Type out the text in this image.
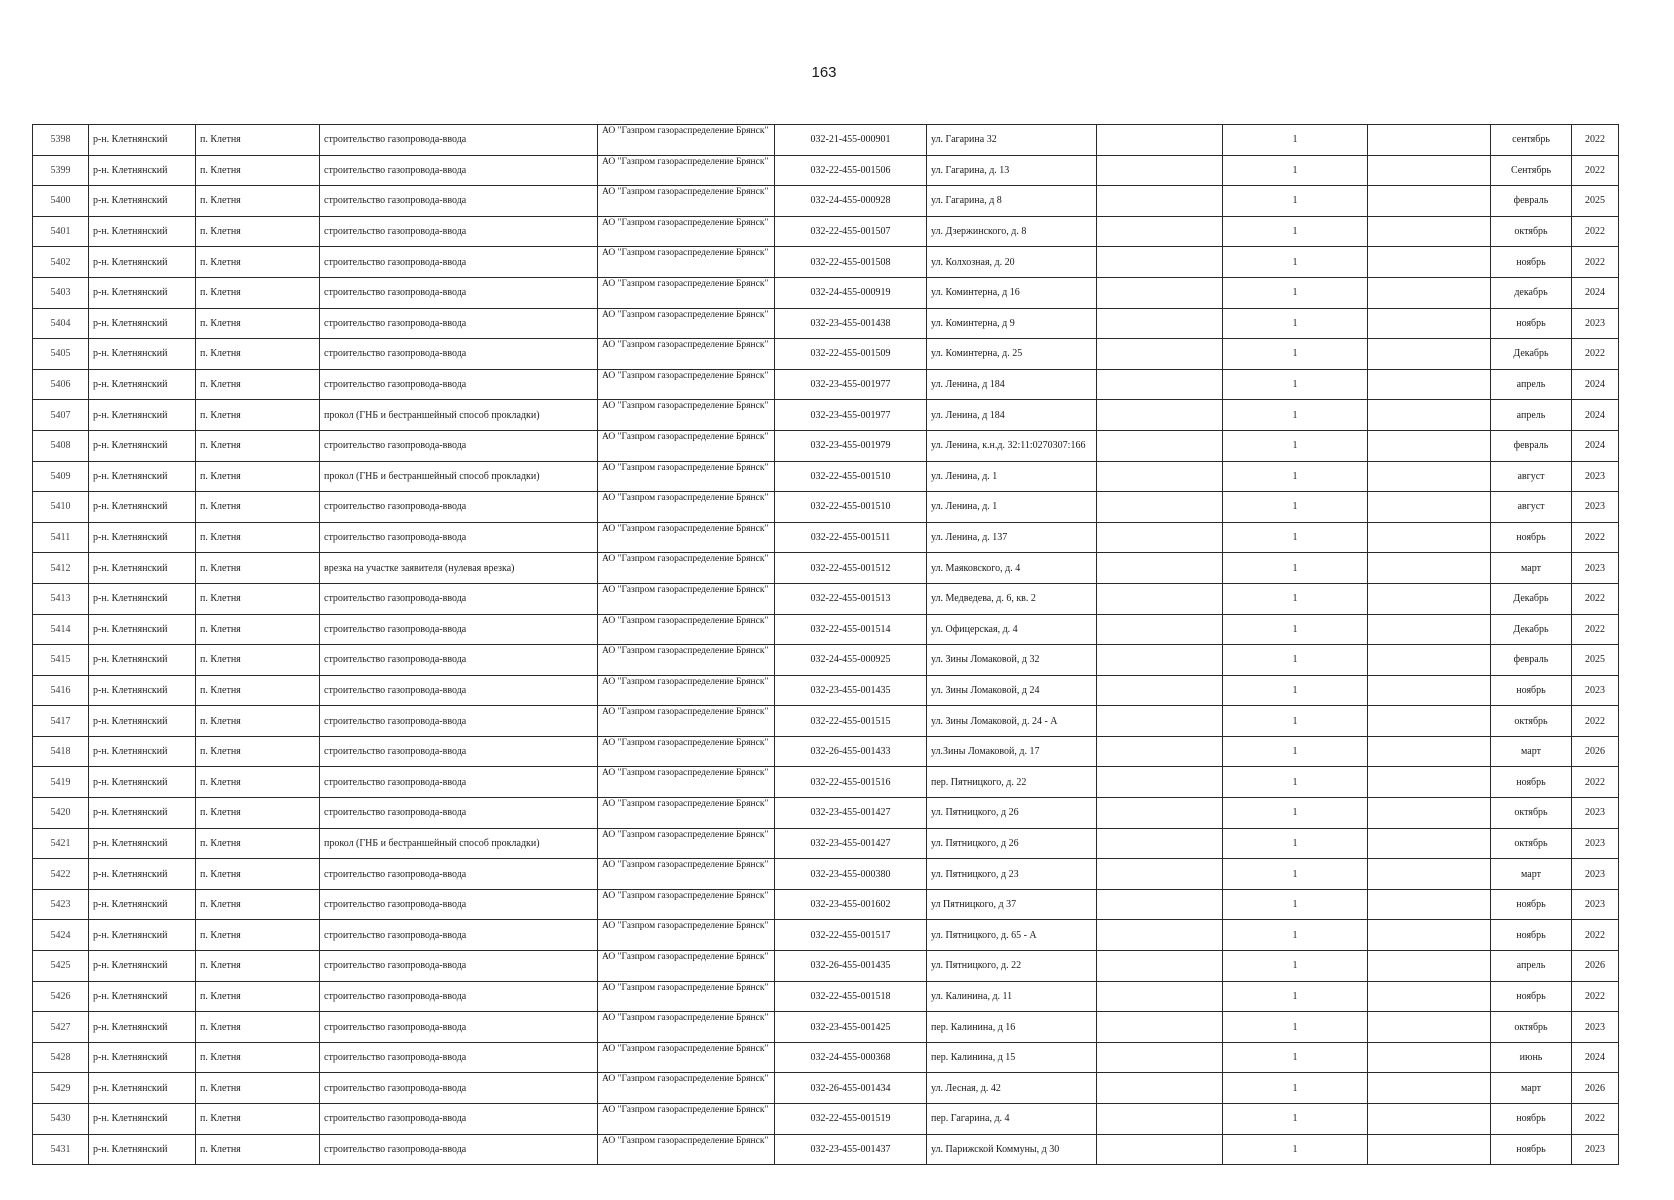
163
5398	р-н. Клетнянский	п. Клетня	строительство газопровода-ввода	АО "Газпром газораспределение Брянск"	032-21-455-000901	ул. Гагарина 32		1		сентябрь	2022
5399	р-н. Клетнянский	п. Клетня	строительство газопровода-ввода	АО "Газпром газораспределение Брянск"	032-22-455-001506	ул. Гагарина, д. 13		1		Сентябрь	2022
5400	р-н. Клетнянский	п. Клетня	строительство газопровода-ввода	АО "Газпром газораспределение Брянск"	032-24-455-000928	ул. Гагарина, д 8		1		февраль	2025
5401	р-н. Клетнянский	п. Клетня	строительство газопровода-ввода	АО "Газпром газораспределение Брянск"	032-22-455-001507	ул. Дзержинского, д. 8		1		октябрь	2022
5402	р-н. Клетнянский	п. Клетня	строительство газопровода-ввода	АО "Газпром газораспределение Брянск"	032-22-455-001508	ул. Колхозная, д. 20		1		ноябрь	2022
5403	р-н. Клетнянский	п. Клетня	строительство газопровода-ввода	АО "Газпром газораспределение Брянск"	032-24-455-000919	ул. Коминтерна, д 16		1		декабрь	2024
5404	р-н. Клетнянский	п. Клетня	строительство газопровода-ввода	АО "Газпром газораспределение Брянск"	032-23-455-001438	ул. Коминтерна, д 9		1		ноябрь	2023
5405	р-н. Клетнянский	п. Клетня	строительство газопровода-ввода	АО "Газпром газораспределение Брянск"	032-22-455-001509	ул. Коминтерна, д. 25		1		Декабрь	2022
5406	р-н. Клетнянский	п. Клетня	строительство газопровода-ввода	АО "Газпром газораспределение Брянск"	032-23-455-001977	ул. Ленина, д 184		1		апрель	2024
5407	р-н. Клетнянский	п. Клетня	прокол (ГНБ и бестраншейный способ прокладки)	АО "Газпром газораспределение Брянск"	032-23-455-001977	ул. Ленина, д 184		1		апрель	2024
5408	р-н. Клетнянский	п. Клетня	строительство газопровода-ввода	АО "Газпром газораспределение Брянск"	032-23-455-001979	ул. Ленина, к.н.д. 32:11:0270307:166		1		февраль	2024
5409	р-н. Клетнянский	п. Клетня	прокол (ГНБ и бестраншейный способ прокладки)	АО "Газпром газораспределение Брянск"	032-22-455-001510	ул. Ленина, д. 1		1		август	2023
5410	р-н. Клетнянский	п. Клетня	строительство газопровода-ввода	АО "Газпром газораспределение Брянск"	032-22-455-001510	ул. Ленина, д. 1		1		август	2023
5411	р-н. Клетнянский	п. Клетня	строительство газопровода-ввода	АО "Газпром газораспределение Брянск"	032-22-455-001511	ул. Ленина, д. 137		1		ноябрь	2022
5412	р-н. Клетнянский	п. Клетня	врезка на участке заявителя (нулевая врезка)	АО "Газпром газораспределение Брянск"	032-22-455-001512	ул. Маяковского, д. 4		1		март	2023
5413	р-н. Клетнянский	п. Клетня	строительство газопровода-ввода	АО "Газпром газораспределение Брянск"	032-22-455-001513	ул. Медведева, д. 6, кв. 2		1		Декабрь	2022
5414	р-н. Клетнянский	п. Клетня	строительство газопровода-ввода	АО "Газпром газораспределение Брянск"	032-22-455-001514	ул. Офицерская, д. 4		1		Декабрь	2022
5415	р-н. Клетнянский	п. Клетня	строительство газопровода-ввода	АО "Газпром газораспределение Брянск"	032-24-455-000925	ул. Зины Ломаковой, д 32		1		февраль	2025
5416	р-н. Клетнянский	п. Клетня	строительство газопровода-ввода	АО "Газпром газораспределение Брянск"	032-23-455-001435	ул. Зины Ломаковой, д 24		1		ноябрь	2023
5417	р-н. Клетнянский	п. Клетня	строительство газопровода-ввода	АО "Газпром газораспределение Брянск"	032-22-455-001515	ул. Зины Ломаковой, д. 24 - А		1		октябрь	2022
5418	р-н. Клетнянский	п. Клетня	строительство газопровода-ввода	АО "Газпром газораспределение Брянск"	032-26-455-001433	ул.Зины Ломаковой, д. 17		1		март	2026
5419	р-н. Клетнянский	п. Клетня	строительство газопровода-ввода	АО "Газпром газораспределение Брянск"	032-22-455-001516	пер. Пятницкого, д. 22		1		ноябрь	2022
5420	р-н. Клетнянский	п. Клетня	строительство газопровода-ввода	АО "Газпром газораспределение Брянск"	032-23-455-001427	ул. Пятницкого, д 26		1		октябрь	2023
5421	р-н. Клетнянский	п. Клетня	прокол (ГНБ и бестраншейный способ прокладки)	АО "Газпром газораспределение Брянск"	032-23-455-001427	ул. Пятницкого, д 26		1		октябрь	2023
5422	р-н. Клетнянский	п. Клетня	строительство газопровода-ввода	АО "Газпром газораспределение Брянск"	032-23-455-000380	ул. Пятницкого, д 23		1		март	2023
5423	р-н. Клетнянский	п. Клетня	строительство газопровода-ввода	АО "Газпром газораспределение Брянск"	032-23-455-001602	ул Пятницкого, д 37		1		ноябрь	2023
5424	р-н. Клетнянский	п. Клетня	строительство газопровода-ввода	АО "Газпром газораспределение Брянск"	032-22-455-001517	ул. Пятницкого, д. 65 - А		1		ноябрь	2022
5425	р-н. Клетнянский	п. Клетня	строительство газопровода-ввода	АО "Газпром газораспределение Брянск"	032-26-455-001435	ул. Пятницкого, д. 22		1		апрель	2026
5426	р-н. Клетнянский	п. Клетня	строительство газопровода-ввода	АО "Газпром газораспределение Брянск"	032-22-455-001518	ул. Калинина, д. 11		1		ноябрь	2022
5427	р-н. Клетнянский	п. Клетня	строительство газопровода-ввода	АО "Газпром газораспределение Брянск"	032-23-455-001425	пер. Калинина, д 16		1		октябрь	2023
5428	р-н. Клетнянский	п. Клетня	строительство газопровода-ввода	АО "Газпром газораспределение Брянск"	032-24-455-000368	пер. Калинина, д 15		1		июнь	2024
5429	р-н. Клетнянский	п. Клетня	строительство газопровода-ввода	АО "Газпром газораспределение Брянск"	032-26-455-001434	ул. Лесная, д. 42		1		март	2026
5430	р-н. Клетнянский	п. Клетня	строительство газопровода-ввода	АО "Газпром газораспределение Брянск"	032-22-455-001519	пер. Гагарина, д. 4		1		ноябрь	2022
5431	р-н. Клетнянский	п. Клетня	строительство газопровода-ввода	АО "Газпром газораспределение Брянск"	032-23-455-001437	ул. Парижской Коммуны, д 30		1		ноябрь	2023
